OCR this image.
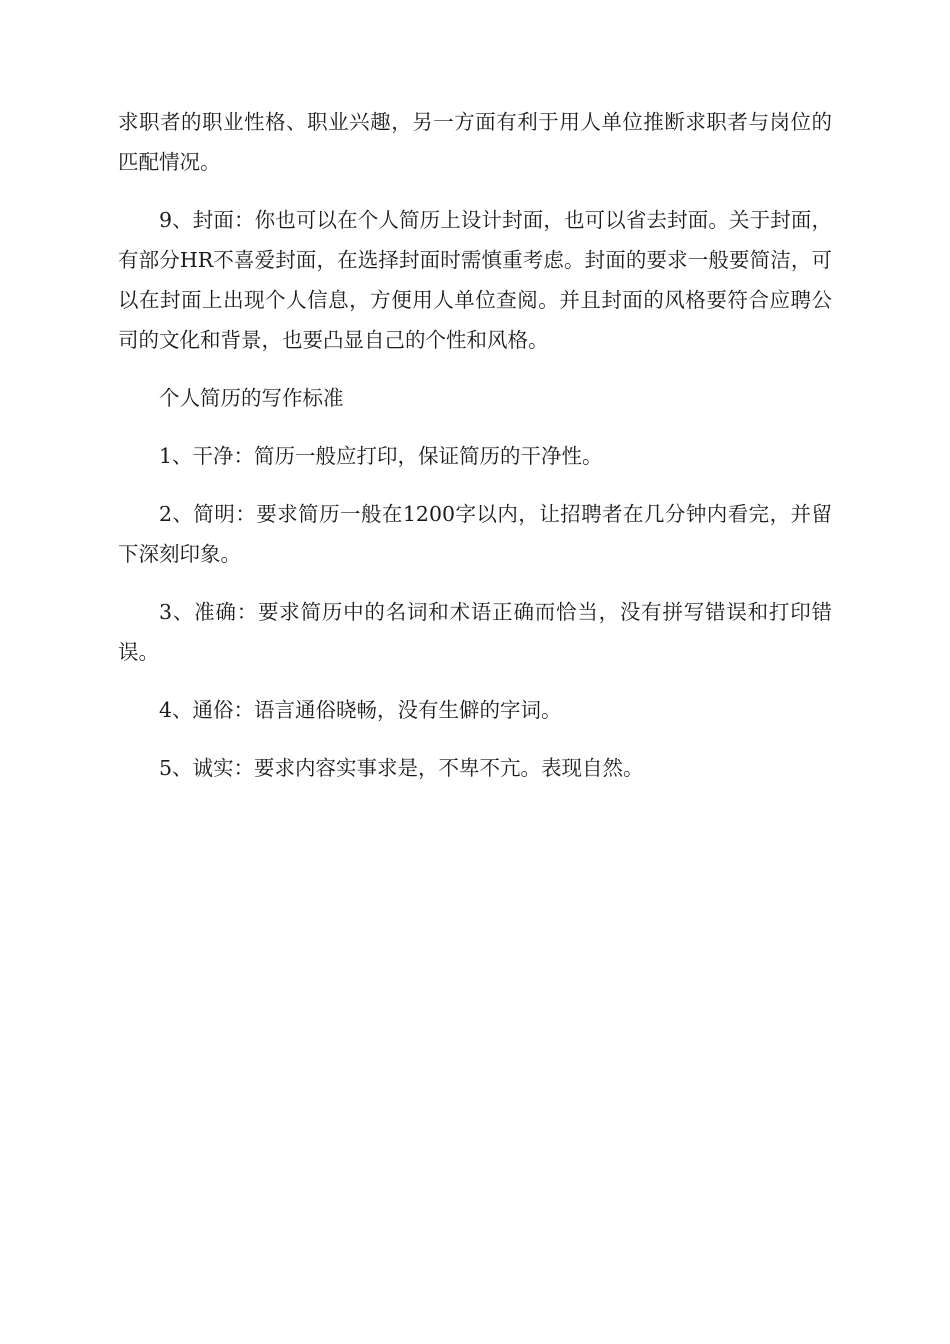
求职者的职业性格、职业兴趣，另一方面有利于用人单位推断求职者与岗位的匹配情况。

9、封面：你也可以在个人简历上设计封面，也可以省去封面。关于封面，有部分HR不喜爱封面，在选择封面时需慎重考虑。封面的要求一般要简洁，可以在封面上出现个人信息，方便用人单位查阅。并且封面的风格要符合应聘公司的文化和背景，也要凸显自己的个性和风格。

个人简历的写作标准

1、干净：简历一般应打印，保证简历的干净性。

2、简明：要求简历一般在1200字以内，让招聘者在几分钟内看完，并留下深刻印象。

3、准确：要求简历中的名词和术语正确而恰当，没有拼写错误和打印错误。

4、通俗：语言通俗晓畅，没有生僻的字词。

5、诚实：要求内容实事求是，不卑不亢。表现自然。
